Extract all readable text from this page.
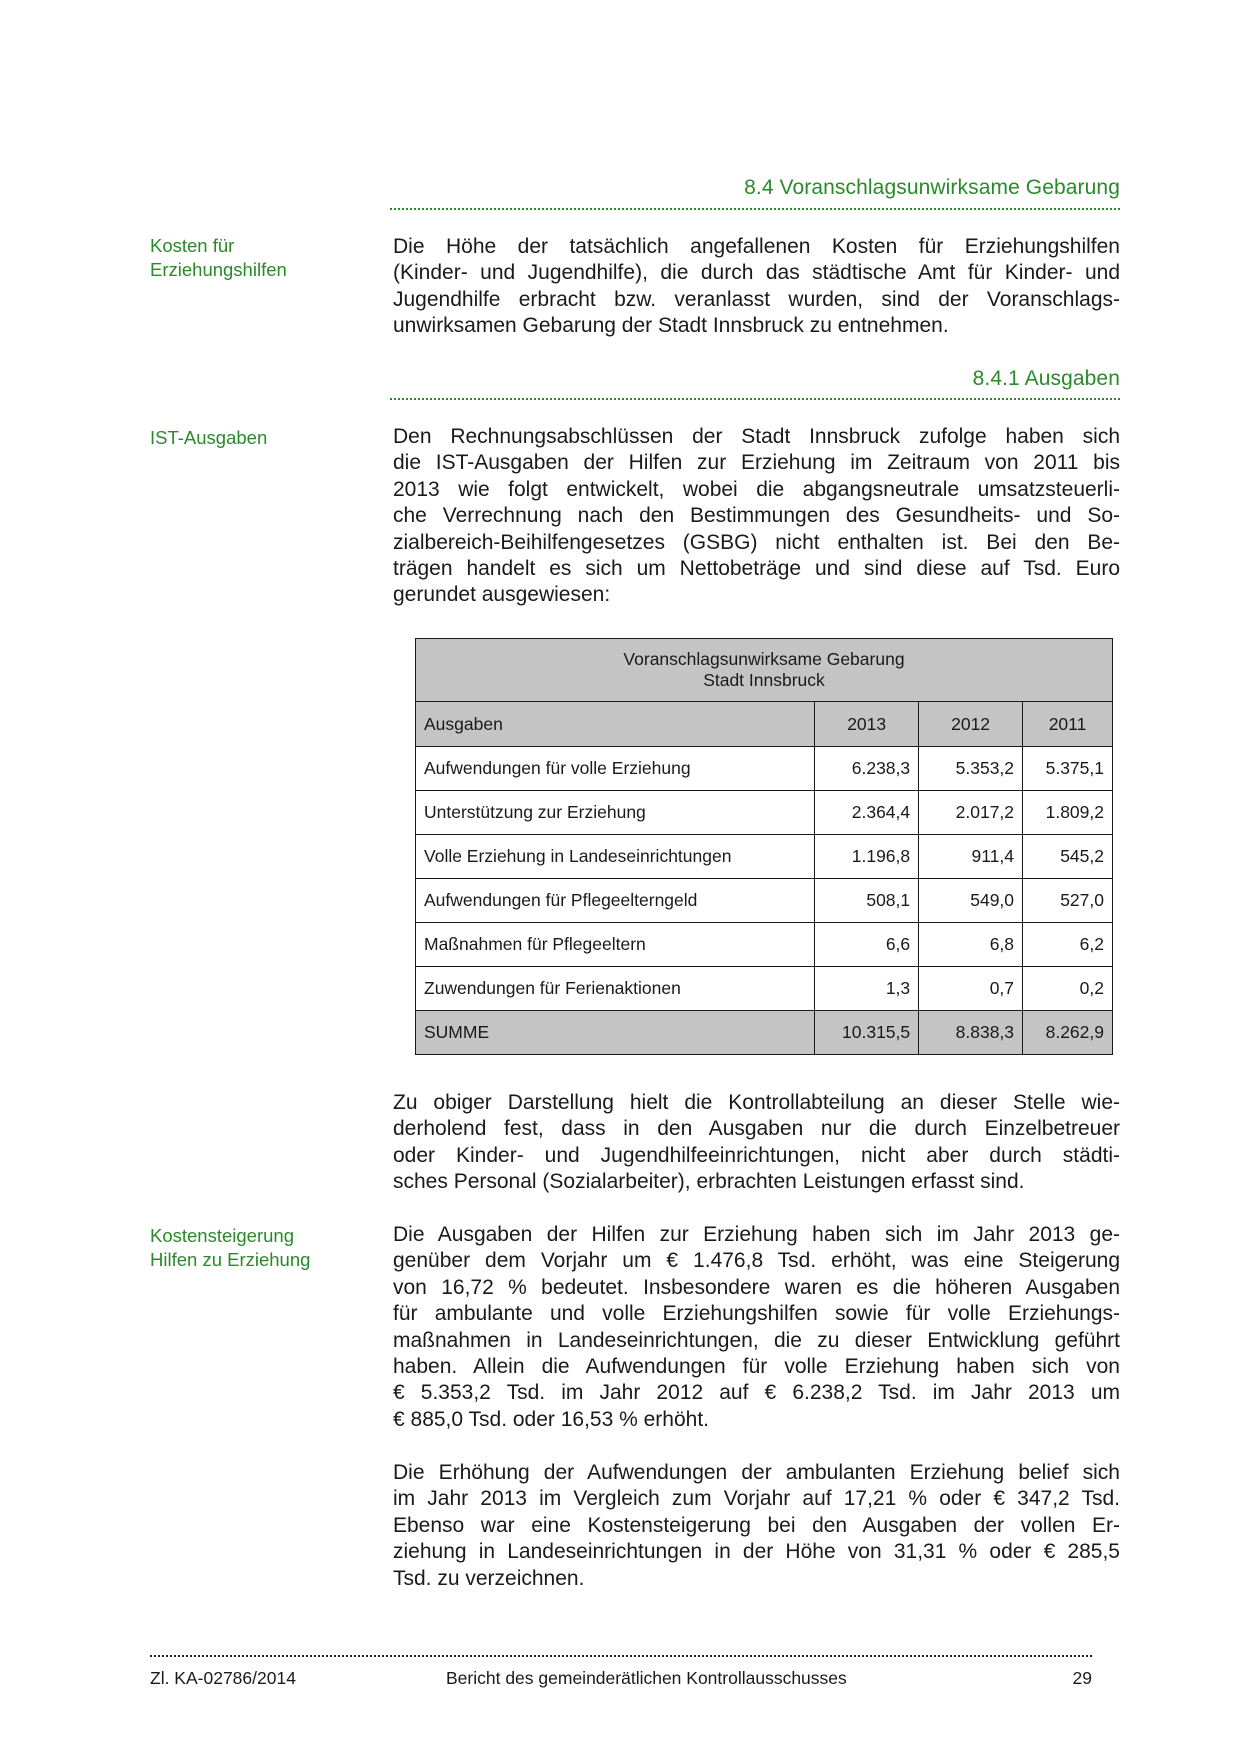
8.4 Voranschlagsunwirksame Gebarung
Kosten für
Erziehungshilfen
Die Höhe der tatsächlich angefallenen Kosten für Erziehungshilfen
(Kinder- und Jugendhilfe), die durch das städtische Amt für Kinder- und
Jugendhilfe erbracht bzw. veranlasst wurden, sind der Voranschlags-
unwirksamen Gebarung der Stadt Innsbruck zu entnehmen.
8.4.1 Ausgaben
IST-Ausgaben	Den Rechnungsabschlüssen der Stadt Innsbruck zufolge haben sich
die IST-Ausgaben der Hilfen zur Erziehung im Zeitraum von 2011 bis
2013 wie folgt entwickelt, wobei die abgangsneutrale umsatzsteuerli-
che Verrechnung nach den Bestimmungen des Gesundheits- und So-
zialbereich-Beihilfengesetzes (GSBG) nicht enthalten ist. Bei den Be-
trägen handelt es sich um Nettobeträge und sind diese auf Tsd. Euro
gerundet ausgewiesen:
Voranschlagsunwirksame Gebarung
Stadt Innsbruck			

Ausgaben	2013	2012	2011
Aufwendungen für volle Erziehung	6.238,3	5.353,2	5.375,1
Unterstützung zur Erziehung	2.364,4	2.017,2	1.809,2
Volle Erziehung in Landeseinrichtungen	1.196,8	911,4	545,2
Aufwendungen für Pflegeelterngeld	508,1	549,0	527,0
Maßnahmen für Pflegeeltern	6,6	6,8	6,2
Zuwendungen für Ferienaktionen	1,3	0,7	0,2
SUMME	10.315,5	8.838,3	8.262,9
Zu obiger Darstellung hielt die Kontrollabteilung an dieser Stelle wie-
derholend fest, dass in den Ausgaben nur die durch Einzelbetreuer
oder Kinder- und Jugendhilfeeinrichtungen, nicht aber durch städti-
sches Personal (Sozialarbeiter), erbrachten Leistungen erfasst sind.
Kostensteigerung
Hilfen zu Erziehung
Die Ausgaben der Hilfen zur Erziehung haben sich im Jahr 2013 ge-
genüber dem Vorjahr um € 1.476,8 Tsd. erhöht, was eine Steigerung
von 16,72 % bedeutet. Insbesondere waren es die höheren Ausgaben
für ambulante und volle Erziehungshilfen sowie für volle Erziehungs-
maßnahmen in Landeseinrichtungen, die zu dieser Entwicklung geführt
haben. Allein die Aufwendungen für volle Erziehung haben sich von
€ 5.353,2 Tsd. im Jahr 2012 auf € 6.238,2 Tsd. im Jahr 2013 um
€ 885,0 Tsd. oder 16,53 % erhöht.
Die Erhöhung der Aufwendungen der ambulanten Erziehung belief sich
im Jahr 2013 im Vergleich zum Vorjahr auf 17,21 % oder € 347,2 Tsd.
Ebenso war eine Kostensteigerung bei den Ausgaben der vollen Er-
ziehung in Landeseinrichtungen in der Höhe von 31,31 % oder € 285,5
Tsd. zu verzeichnen.
Zl. KA-02786/2014	Bericht des gemeinderätlichen Kontrollausschusses	29
